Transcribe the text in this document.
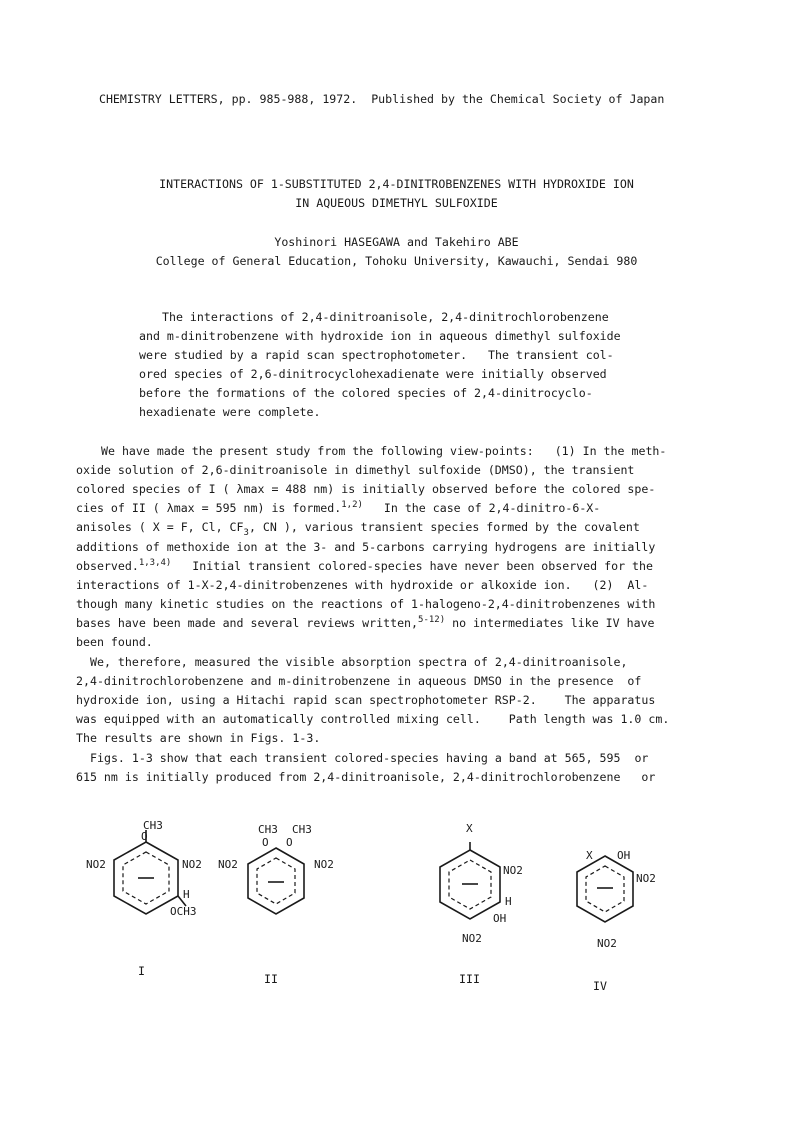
CHEMISTRY LETTERS, pp. 985-988, 1972. Published by the Chemical Society of Japan

INTERACTIONS OF 1-SUBSTITUTED 2,4-DINITROBENZENES WITH HYDROXIDE ION
IN AQUEOUS DIMETHYL SULFOXIDE
Yoshinori HASEGAWA and Takehiro ABE
College of General Education, Tohoku University, Kawauchi, Sendai 980
The interactions of 2,4-dinitroanisole, 2,4-dinitrochlorobenzene
and m-dinitrobenzene with hydroxide ion in aqueous dimethyl sulfoxide
were studied by a rapid scan spectrophotometer.   The transient col-
ored species of 2,6-dinitrocyclohexadienate were initially observed
before the formations of the colored species of 2,4-dinitrocyclo-
hexadienate were complete.
We have made the present study from the following view-points:   (1) In the meth-
oxide solution of 2,6-dinitroanisole in dimethyl sulfoxide (DMSO), the transient
colored species of I ( λmax = 488 nm) is initially observed before the colored spe-
cies of II ( λmax = 595 nm) is formed.$^{1,2)}$   In the case of 2,4-dinitro-6-X-
anisoles ( X = F, Cl, $CF_3$, CN ), various transient species formed by the covalent
additions of methoxide ion at the 3- and 5-carbons carrying hydrogens are initially
observed.$^{1,3,4)}$   Initial transient colored-species have never been observed for the
interactions of 1-X-2,4-dinitrobenzenes with hydroxide or alkoxide ion.   (2)  Al-
though many kinetic studies on the reactions of 1-halogeno-2,4-dinitrobenzenes with
bases have been made and several reviews written,$^{5-12)}$ no intermediates like IV have
been found.
We, therefore, measured the visible absorption spectra of 2,4-dinitroanisole,
2,4-dinitrochlorobenzene and m-dinitrobenzene in aqueous DMSO in the presence  of
hydroxide ion, using a Hitachi rapid scan spectrophotometer RSP-2.    The apparatus
was equipped with an automatically controlled mixing cell.    Path length was 1.0 cm.
The results are shown in Figs. 1-3.
Figs. 1-3 show that each transient colored-species having a band at 565, 595  or
615 nm is initially produced from 2,4-dinitroanisole, 2,4-dinitrochlorobenzene   or
CH3
O
NO2	NO2
H
OCH3
I
CH3 CH3
O O
NO2	NO2
II
X
NO2
H
OH
NO2
III
X OH
NO2
NO2
IV
